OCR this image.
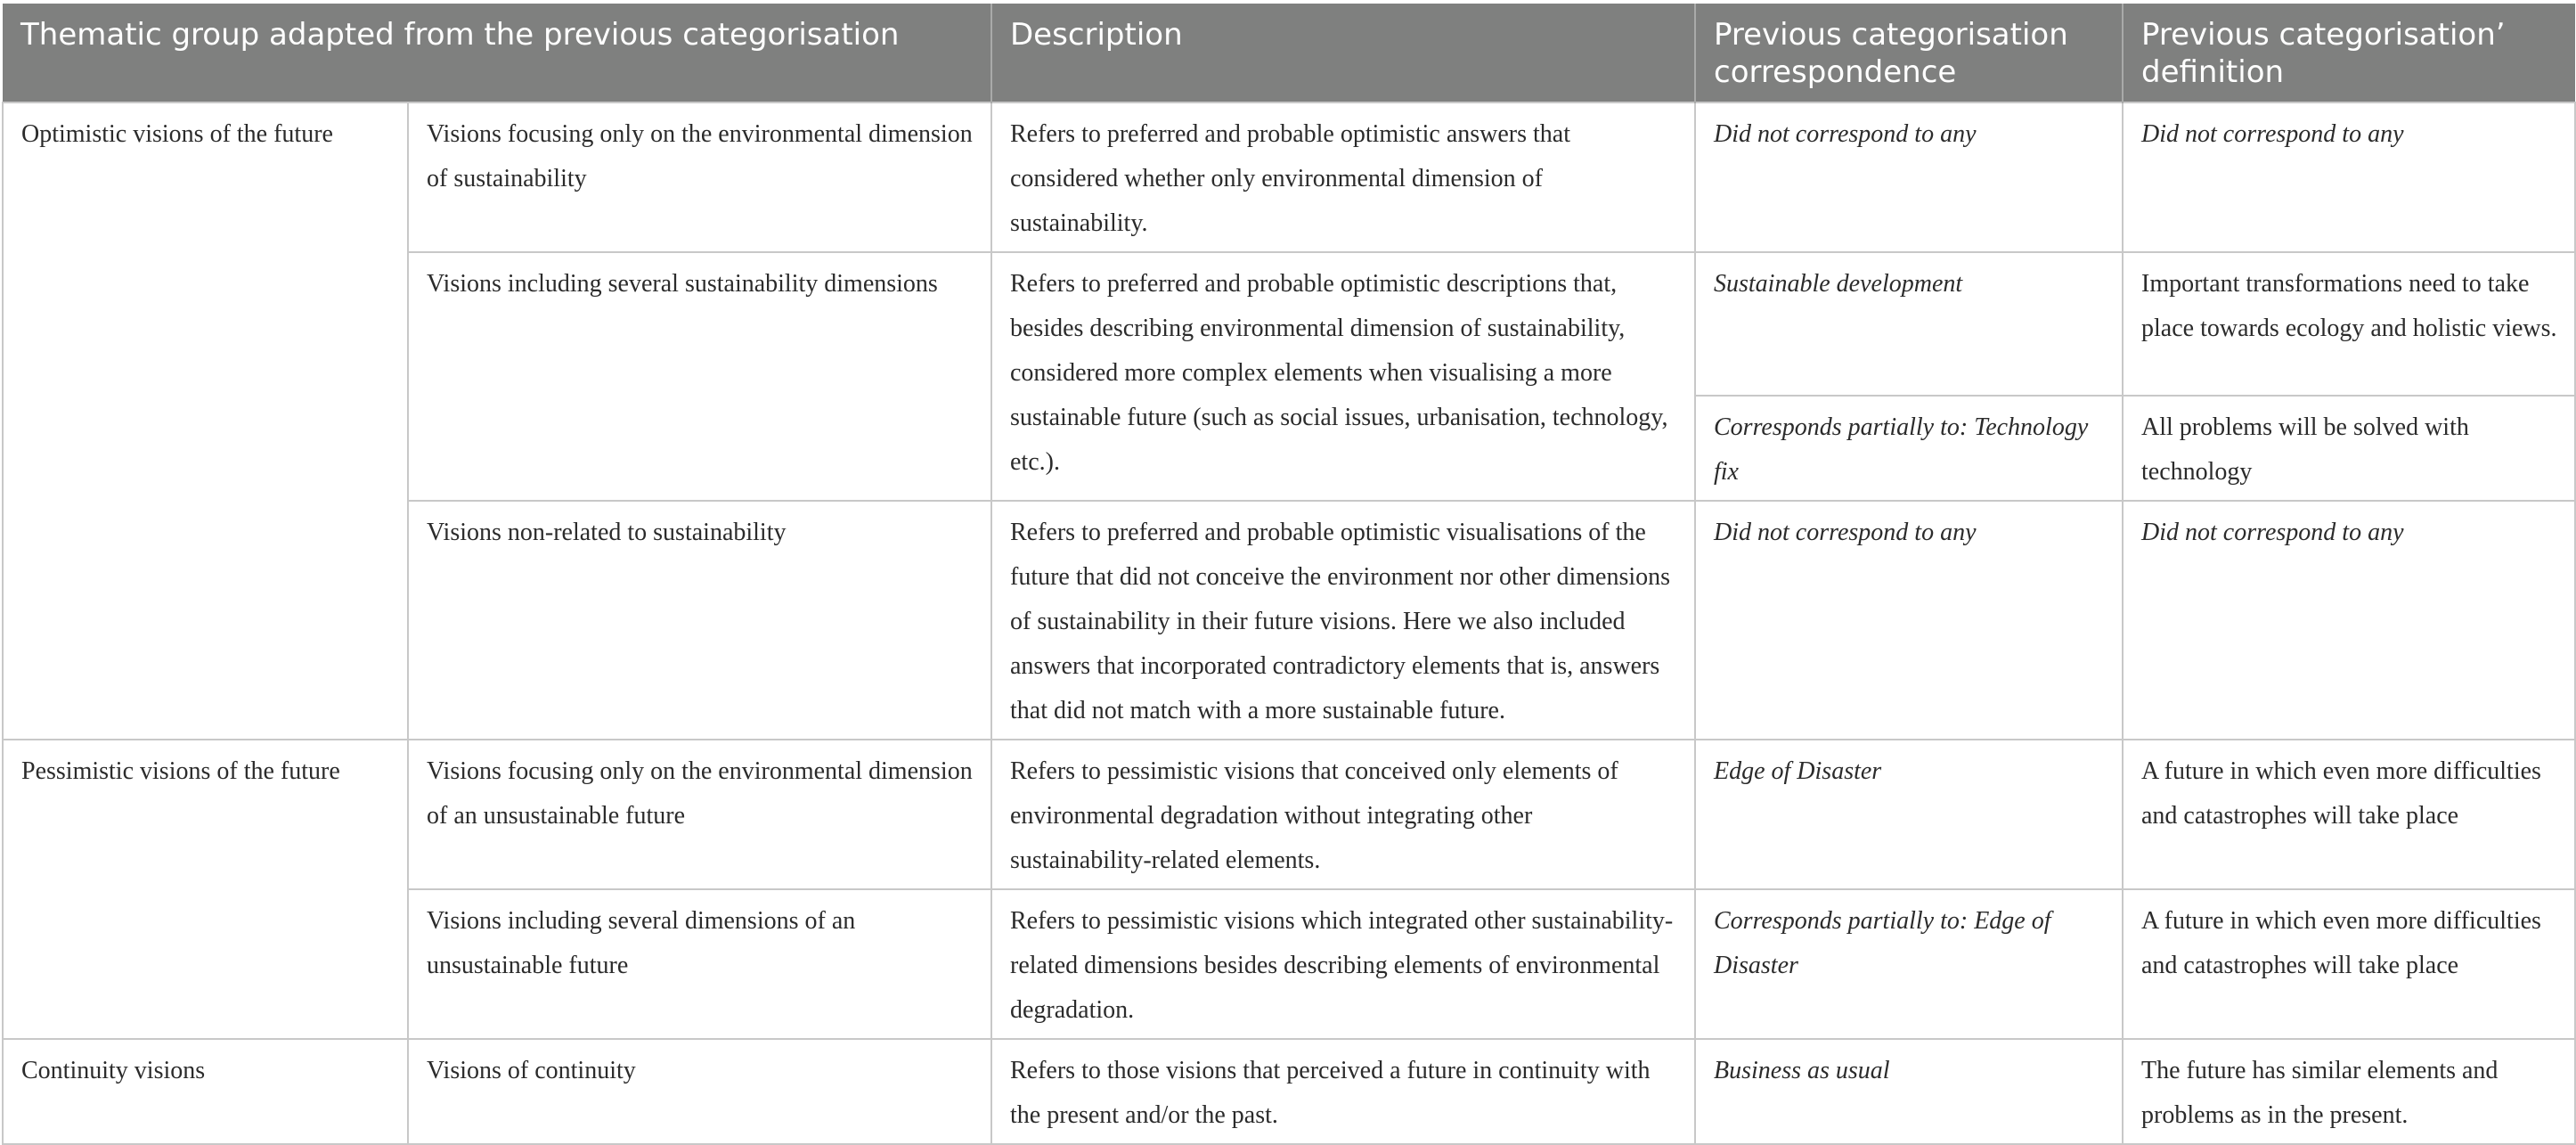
Thematic group adapted from the previous categorisation		Description	Previous categorisation correspondence	Previous categorisation’ definition
Optimistic visions of the future	Visions focusing only on the environmental dimension of sustainability	Refers to preferred and probable optimistic answers that considered whether only environmental dimension of sustainability.	Did not correspond to any	Did not correspond to any
	Visions including several sustainability dimensions	Refers to preferred and probable optimistic descriptions that, besides describing environmental dimension of sustainability, considered more complex elements when visualising a more sustainable future (such as social issues, urbanisation, technology, etc.).	Sustainable development	Important transformations need to take place towards ecology and holistic views.
			Corresponds partially to: Technology fix	All problems will be solved with technology
	Visions non-related to sustainability	Refers to preferred and probable optimistic visualisations of the future that did not conceive the environment nor other dimensions of sustainability in their future visions. Here we also included answers that incorporated contradictory elements that is, answers that did not match with a more sustainable future.	Did not correspond to any	Did not correspond to any
Pessimistic visions of the future	Visions focusing only on the environmental dimension of an unsustainable future	Refers to pessimistic visions that conceived only elements of environmental degradation without integrating other sustainability-related elements.	Edge of Disaster	A future in which even more difficulties and catastrophes will take place
	Visions including several dimensions of an unsustainable future	Refers to pessimistic visions which integrated other sustainability-related dimensions besides describing elements of environmental degradation.	Corresponds partially to: Edge of Disaster	A future in which even more difficulties and catastrophes will take place
Continuity visions	Visions of continuity	Refers to those visions that perceived a future in continuity with the present and/or the past.	Business as usual	The future has similar elements and problems as in the present.
